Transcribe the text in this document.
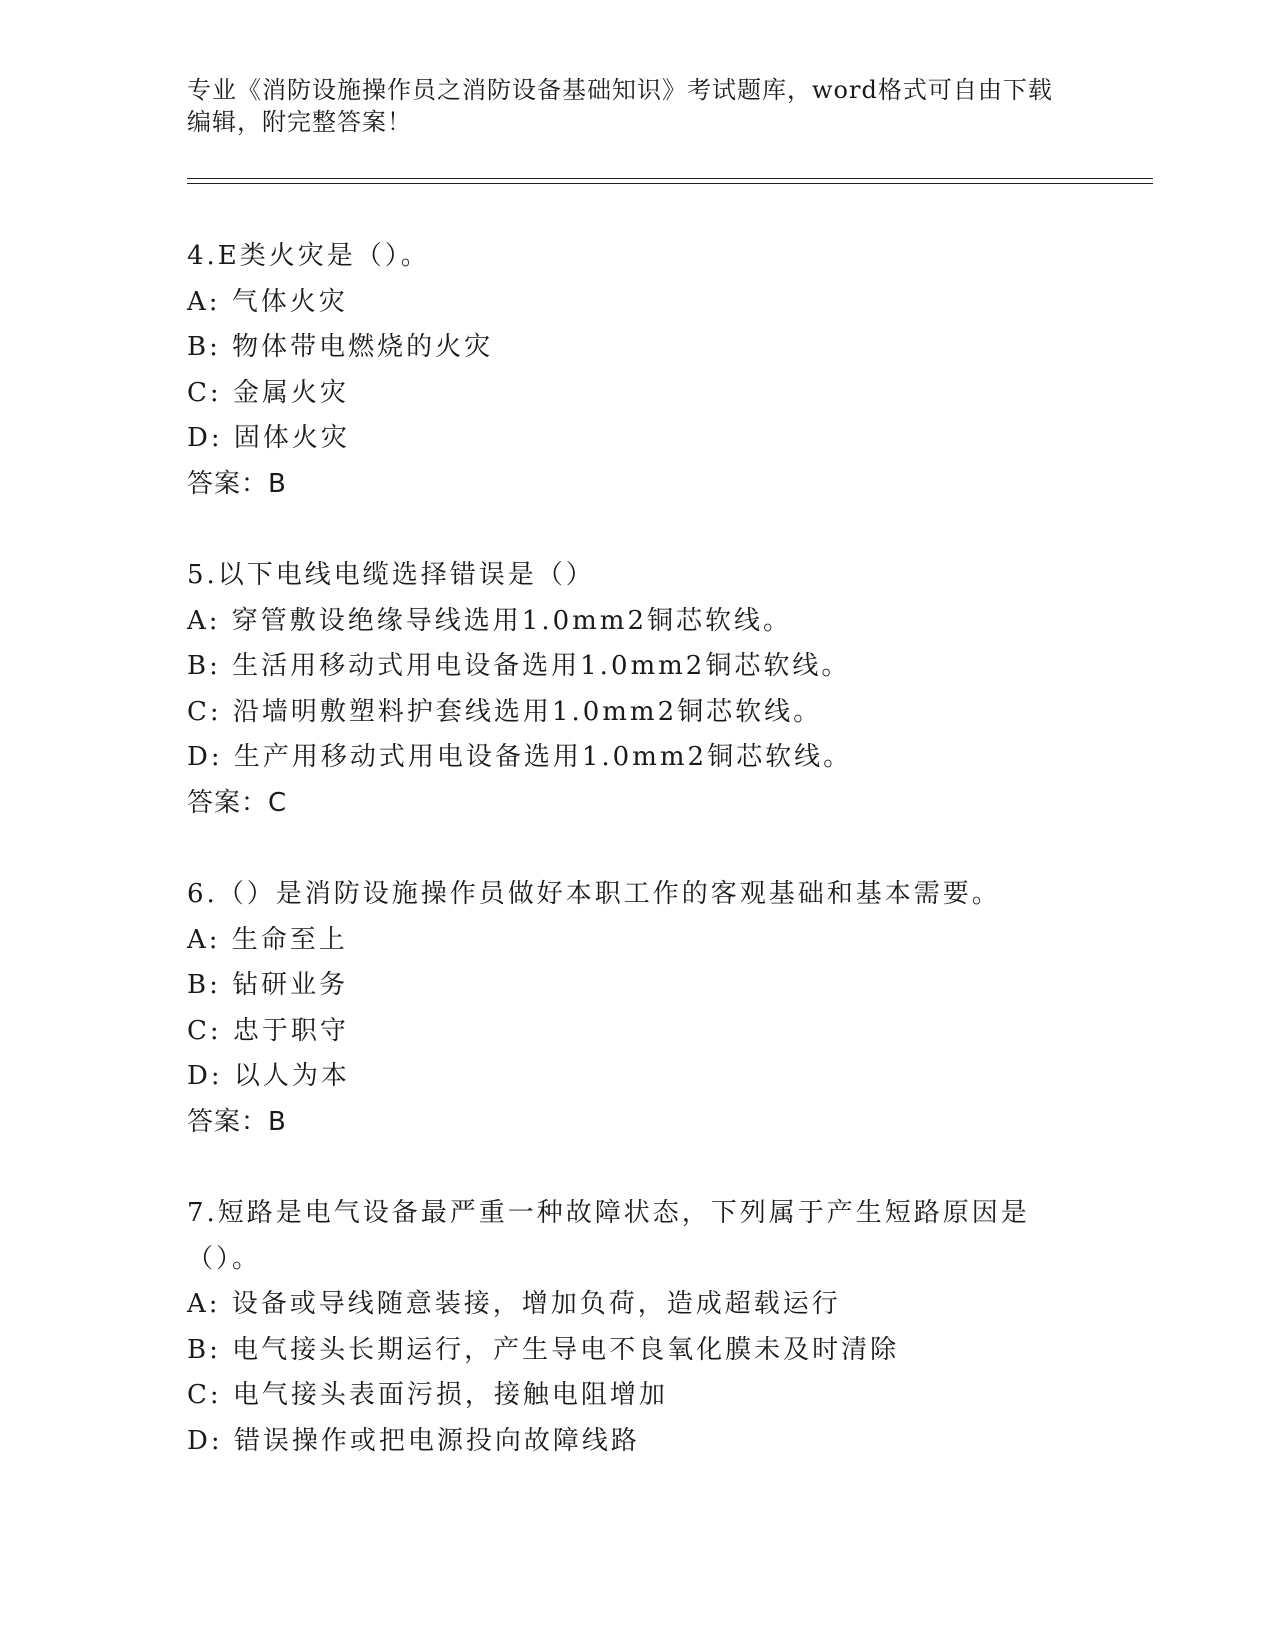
专业《消防设施操作员之消防设备基础知识》考试题库，word格式可自由下载编辑，附完整答案！
4.E类火灾是（）。
A: 气体火灾
B: 物体带电燃烧的火灾
C: 金属火灾
D: 固体火灾
答案：B
5.以下电线电缆选择错误是（）
A: 穿管敷设绝缘导线选用1.0mm2铜芯软线。
B: 生活用移动式用电设备选用1.0mm2铜芯软线。
C: 沿墙明敷塑料护套线选用1.0mm2铜芯软线。
D: 生产用移动式用电设备选用1.0mm2铜芯软线。
答案：C
6.（）是消防设施操作员做好本职工作的客观基础和基本需要。
A: 生命至上
B: 钻研业务
C: 忠于职守
D: 以人为本
答案：B
7.短路是电气设备最严重一种故障状态，下列属于产生短路原因是（）。
A: 设备或导线随意装接，增加负荷，造成超载运行
B: 电气接头长期运行，产生导电不良氧化膜未及时清除
C: 电气接头表面污损，接触电阻增加
D: 错误操作或把电源投向故障线路
